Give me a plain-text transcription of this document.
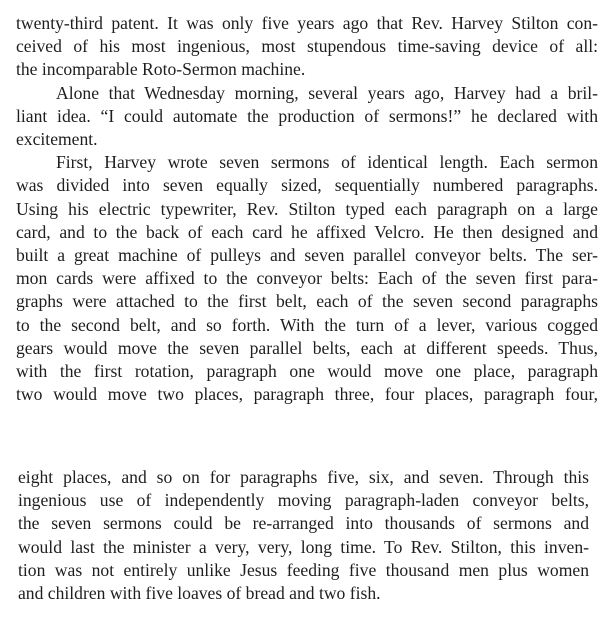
twenty-third patent. It was only five years ago that Rev. Harvey Stilton con-
ceived of his most ingenious, most stupendous time-saving device of all:
the incomparable Roto-Sermon machine.

Alone that Wednesday morning, several years ago, Harvey had a bril-
liant idea. “I could automate the production of sermons!” he declared with
excitement.

First, Harvey wrote seven sermons of identical length. Each sermon
was divided into seven equally sized, sequentially numbered paragraphs.
Using his electric typewriter, Rev. Stilton typed each paragraph on a large
card, and to the back of each card he affixed Velcro. He then designed and
built a great machine of pulleys and seven parallel conveyor belts. The ser-
mon cards were affixed to the conveyor belts: Each of the seven first para-
graphs were attached to the first belt, each of the seven second paragraphs
to the second belt, and so forth. With the turn of a lever, various cogged
gears would move the seven parallel belts, each at different speeds. Thus,
with the first rotation, paragraph one would move one place, paragraph
two would move two places, paragraph three, four places, paragraph four,

eight places, and so on for paragraphs five, six, and seven. Through this
ingenious use of independently moving paragraph-laden conveyor belts,
the seven sermons could be re-arranged into thousands of sermons and
would last the minister a very, very, long time. To Rev. Stilton, this inven-
tion was not entirely unlike Jesus feeding five thousand men plus women
and children with five loaves of bread and two fish.
